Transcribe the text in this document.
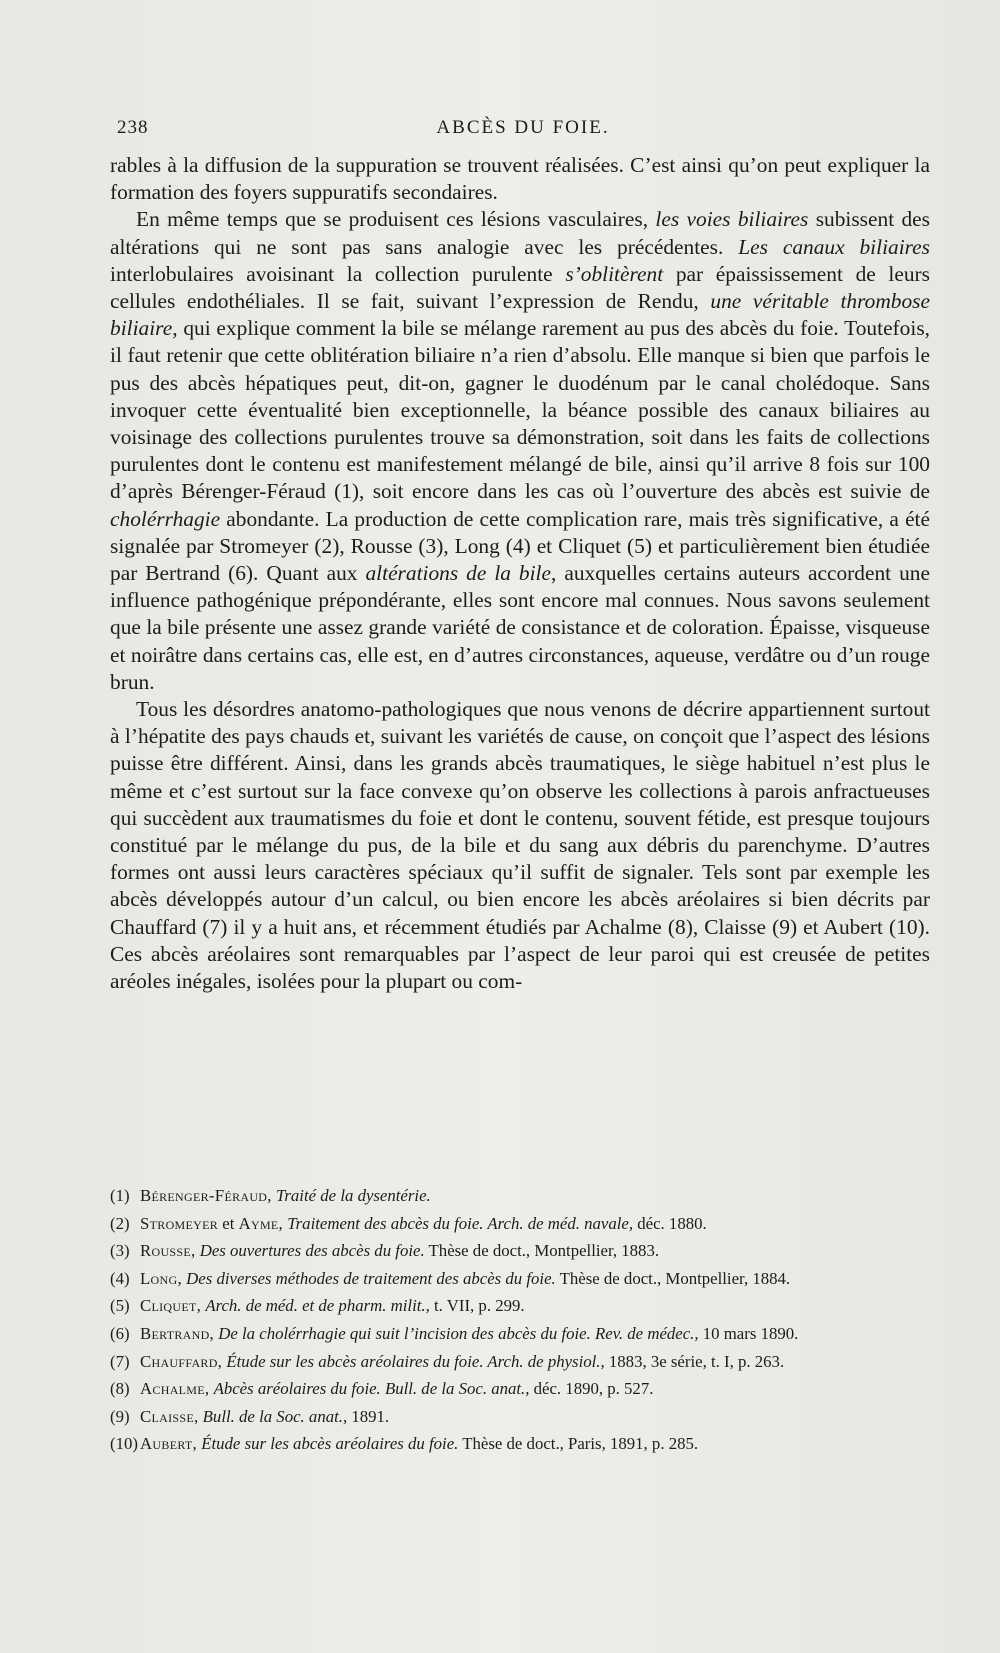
238	ABCÈS DU FOIE.

rables à la diffusion de la suppuration se trouvent réalisées. C’est ainsi qu’on peut expliquer la formation des foyers suppuratifs secondaires.

En même temps que se produisent ces lésions vasculaires, les voies biliaires subissent des altérations qui ne sont pas sans analogie avec les précédentes. Les canaux biliaires interlobulaires avoisinant la collection purulente s’oblitèrent par épaississement de leurs cellules endothéliales. Il se fait, suivant l’expression de Rendu, une véritable thrombose biliaire, qui explique comment la bile se mélange rarement au pus des abcès du foie. Toutefois, il faut retenir que cette oblitération biliaire n’a rien d’absolu. Elle manque si bien que parfois le pus des abcès hépatiques peut, dit-on, gagner le duodénum par le canal cholédoque. Sans invoquer cette éventualité bien exceptionnelle, la béance possible des canaux biliaires au voisinage des collections purulentes trouve sa démonstration, soit dans les faits de collections purulentes dont le contenu est manifestement mélangé de bile, ainsi qu’il arrive 8 fois sur 100 d’après Bérenger-Féraud (1), soit encore dans les cas où l’ouverture des abcès est suivie de cholérrhagie abondante. La production de cette complication rare, mais très significative, a été signalée par Stromeyer (2), Rousse (3), Long (4) et Cliquet (5) et particulièrement bien étudiée par Bertrand (6). Quant aux altérations de la bile, auxquelles certains auteurs accordent une influence pathogénique prépondérante, elles sont encore mal connues. Nous savons seulement que la bile présente une assez grande variété de consistance et de coloration. Épaisse, visqueuse et noirâtre dans certains cas, elle est, en d’autres circonstances, aqueuse, verdâtre ou d’un rouge brun.

Tous les désordres anatomo-pathologiques que nous venons de décrire appartiennent surtout à l’hépatite des pays chauds et, suivant les variétés de cause, on conçoit que l’aspect des lésions puisse être différent. Ainsi, dans les grands abcès traumatiques, le siège habituel n’est plus le même et c’est surtout sur la face convexe qu’on observe les collections à parois anfractueuses qui succèdent aux traumatismes du foie et dont le contenu, souvent fétide, est presque toujours constitué par le mélange du pus, de la bile et du sang aux débris du parenchyme. D’autres formes ont aussi leurs caractères spéciaux qu’il suffit de signaler. Tels sont par exemple les abcès développés autour d’un calcul, ou bien encore les abcès aréolaires si bien décrits par Chauffard (7) il y a huit ans, et récemment étudiés par Achalme (8), Claisse (9) et Aubert (10). Ces abcès aréolaires sont remarquables par l’aspect de leur paroi qui est creusée de petites aréoles inégales, isolées pour la plupart ou com-

(1) Bérenger-Féraud, Traité de la dysentérie.

(2) Stromeyer et Ayme, Traitement des abcès du foie. Arch. de méd. navale, déc. 1880.

(3) Rousse, Des ouvertures des abcès du foie. Thèse de doct., Montpellier, 1883.

(4) Long, Des diverses méthodes de traitement des abcès du foie. Thèse de doct., Montpellier, 1884.

(5) Cliquet, Arch. de méd. et de pharm. milit., t. VII, p. 299.

(6) Bertrand, De la cholérrhagie qui suit l’incision des abcès du foie. Rev. de médec., 10 mars 1890.

(7) Chauffard, Étude sur les abcès aréolaires du foie. Arch. de physiol., 1883, 3e série, t. I, p. 263.

(8) Achalme, Abcès aréolaires du foie. Bull. de la Soc. anat., déc. 1890, p. 527.

(9) Claisse, Bull. de la Soc. anat., 1891.

(10) Aubert, Étude sur les abcès aréolaires du foie. Thèse de doct., Paris, 1891, p. 285.
